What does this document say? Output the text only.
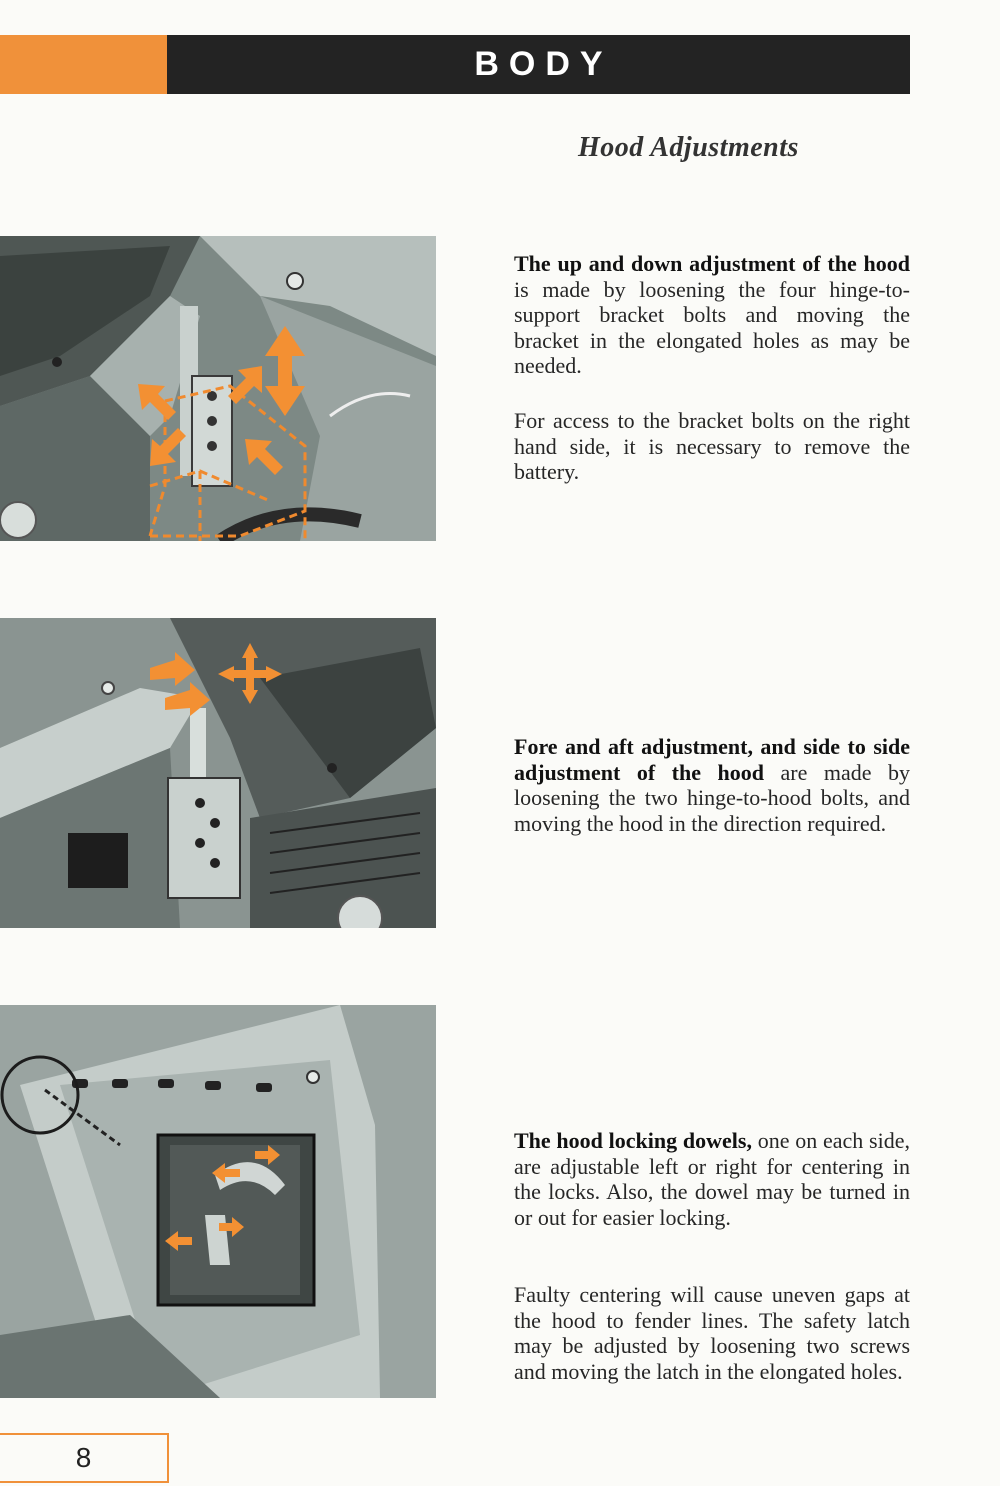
BODY
Hood Adjustments
The up and down adjustment of the hood is made by loosening the four hinge-to-support bracket bolts and moving the bracket in the elongated holes as may be needed.
For access to the bracket bolts on the right hand side, it is necessary to remove the battery.
Fore and aft adjustment, and side to side adjustment of the hood are made by loosening the two hinge-to-hood bolts, and moving the hood in the direction required.
The hood locking dowels, one on each side, are adjustable left or right for centering in the locks. Also, the dowel may be turned in or out for easier locking.
Faulty centering will cause uneven gaps at the hood to fender lines. The safety latch may be adjusted by loosening two screws and moving the latch in the elongated holes.
8
